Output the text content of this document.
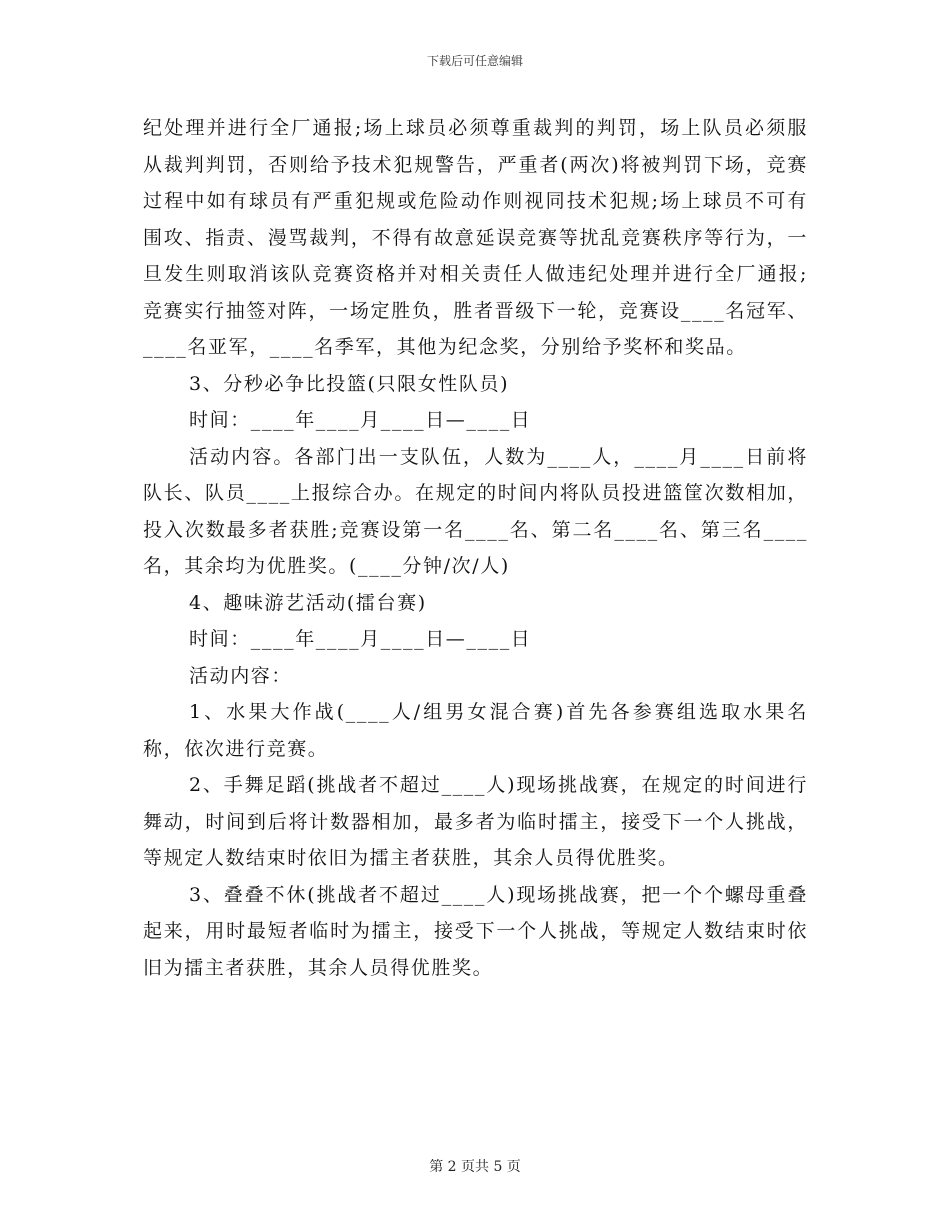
下载后可任意编辑

纪处理并进行全厂通报;场上球员必须尊重裁判的判罚，场上队员必须服从裁判判罚，否则给予技术犯规警告，严重者(两次)将被判罚下场，竞赛过程中如有球员有严重犯规或危险动作则视同技术犯规;场上球员不可有围攻、指责、漫骂裁判，不得有故意延误竞赛等扰乱竞赛秩序等行为，一旦发生则取消该队竞赛资格并对相关责任人做违纪处理并进行全厂通报;竞赛实行抽签对阵，一场定胜负，胜者晋级下一轮，竞赛设____名冠军、____名亚军，____名季军，其他为纪念奖，分别给予奖杯和奖品。

3、分秒必争比投篮(只限女性队员)

时间：____年____月____日—____日

活动内容。各部门出一支队伍，人数为____人，____月____日前将队长、队员____上报综合办。在规定的时间内将队员投进篮筐次数相加，投入次数最多者获胜;竞赛设第一名____名、第二名____名、第三名____名，其余均为优胜奖。(____分钟/次/人)

4、趣味游艺活动(擂台赛)

时间：____年____月____日—____日

活动内容：

1、水果大作战(____人/组男女混合赛)首先各参赛组选取水果名称，依次进行竞赛。

2、手舞足蹈(挑战者不超过____人)现场挑战赛，在规定的时间进行舞动，时间到后将计数器相加，最多者为临时擂主，接受下一个人挑战，等规定人数结束时依旧为擂主者获胜，其余人员得优胜奖。

3、叠叠不休(挑战者不超过____人)现场挑战赛，把一个个螺母重叠起来，用时最短者临时为擂主，接受下一个人挑战，等规定人数结束时依旧为擂主者获胜，其余人员得优胜奖。

第 2 页共 5 页
